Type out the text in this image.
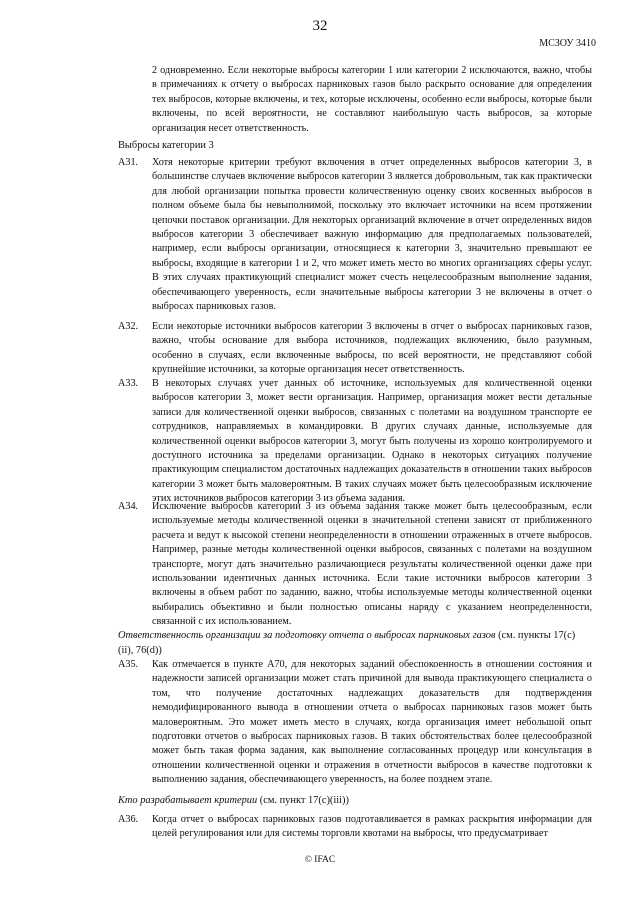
32
МСЗОУ 3410
2 одновременно. Если некоторые выбросы категории 1 или категории 2 исключаются, важно, чтобы в примечаниях к отчету о выбросах парниковых газов было раскрыто основание для определения тех выбросов, которые включены, и тех, которые исключены, особенно если выбросы, которые были включены, по всей вероятности, не составляют наибольшую часть выбросов, за которые организация несет ответственность.
Выбросы категории 3
A31.	Хотя некоторые критерии требуют включения в отчет определенных выбросов категории 3, в большинстве случаев включение выбросов категории 3 является добровольным, так как практически для любой организации попытка провести количественную оценку своих косвенных выбросов в полном объеме была бы невыполнимой, поскольку это включает источники на всем протяжении цепочки поставок организации. Для некоторых организаций включение в отчет определенных видов выбросов категории 3 обеспечивает важную информацию для предполагаемых пользователей, например, если выбросы организации, относящиеся к категории 3, значительно превышают ее выбросы, входящие в категории 1 и 2, что может иметь место во многих организациях сферы услуг. В этих случаях практикующий специалист может счесть нецелесообразным выполнение задания, обеспечивающего уверенность, если значительные выбросы категории 3 не включены в отчет о выбросах парниковых газов.
A32.	Если некоторые источники выбросов категории 3 включены в отчет о выбросах парниковых газов, важно, чтобы основание для выбора источников, подлежащих включению, было разумным, особенно в случаях, если включенные выбросы, по всей вероятности, не представляют собой крупнейшие источники, за которые организация несет ответственность.
A33.	В некоторых случаях учет данных об источнике, используемых для количественной оценки выбросов категории 3, может вести организация. Например, организация может вести детальные записи для количественной оценки выбросов, связанных с полетами на воздушном транспорте ее сотрудников, направляемых в командировки. В других случаях данные, используемые для количественной оценки выбросов категории 3, могут быть получены из хорошо контролируемого и доступного источника за пределами организации. Однако в некоторых ситуациях получение практикующим специалистом достаточных надлежащих доказательств в отношении таких выбросов категории 3 может быть маловероятным. В таких случаях может быть целесообразным исключение этих источников выбросов категории 3 из объема задания.
A34.	Исключение выбросов категории 3 из объема задания также может быть целесообразным, если используемые методы количественной оценки в значительной степени зависят от приближенного расчета и ведут к высокой степени неопределенности в отношении отраженных в отчете выбросов. Например, разные методы количественной оценки выбросов, связанных с полетами на воздушном транспорте, могут дать значительно различающиеся результаты количественной оценки даже при использовании идентичных данных источника. Если такие источники выбросов категории 3 включены в объем работ по заданию, важно, чтобы используемые методы количественной оценки выбирались объективно и были полностью описаны наряду с указанием неопределенности, связанной с их использованием.
Ответственность организации за подготовку отчета о выбросах парниковых газов (см. пункты 17(c)(ii), 76(d))
A35.	Как отмечается в пункте A70, для некоторых заданий обеспокоенность в отношении состояния и надежности записей организации может стать причиной для вывода практикующего специалиста о том, что получение достаточных надлежащих доказательств для подтверждения немодифицированного вывода в отношении отчета о выбросах парниковых газов может быть маловероятным. Это может иметь место в случаях, когда организация имеет небольшой опыт подготовки отчетов о выбросах парниковых газов. В таких обстоятельствах более целесообразной может быть такая форма задания, как выполнение согласованных процедур или консультация в отношении количественной оценки и отражения в отчетности выбросов в качестве подготовки к выполнению задания, обеспечивающего уверенность, на более позднем этапе.
Кто разрабатывает критерии (см. пункт 17(c)(iii))
A36.	Когда отчет о выбросах парниковых газов подготавливается в рамках раскрытия информации для целей регулирования или для системы торговли квотами на выбросы, что предусматривает
© IFAC
